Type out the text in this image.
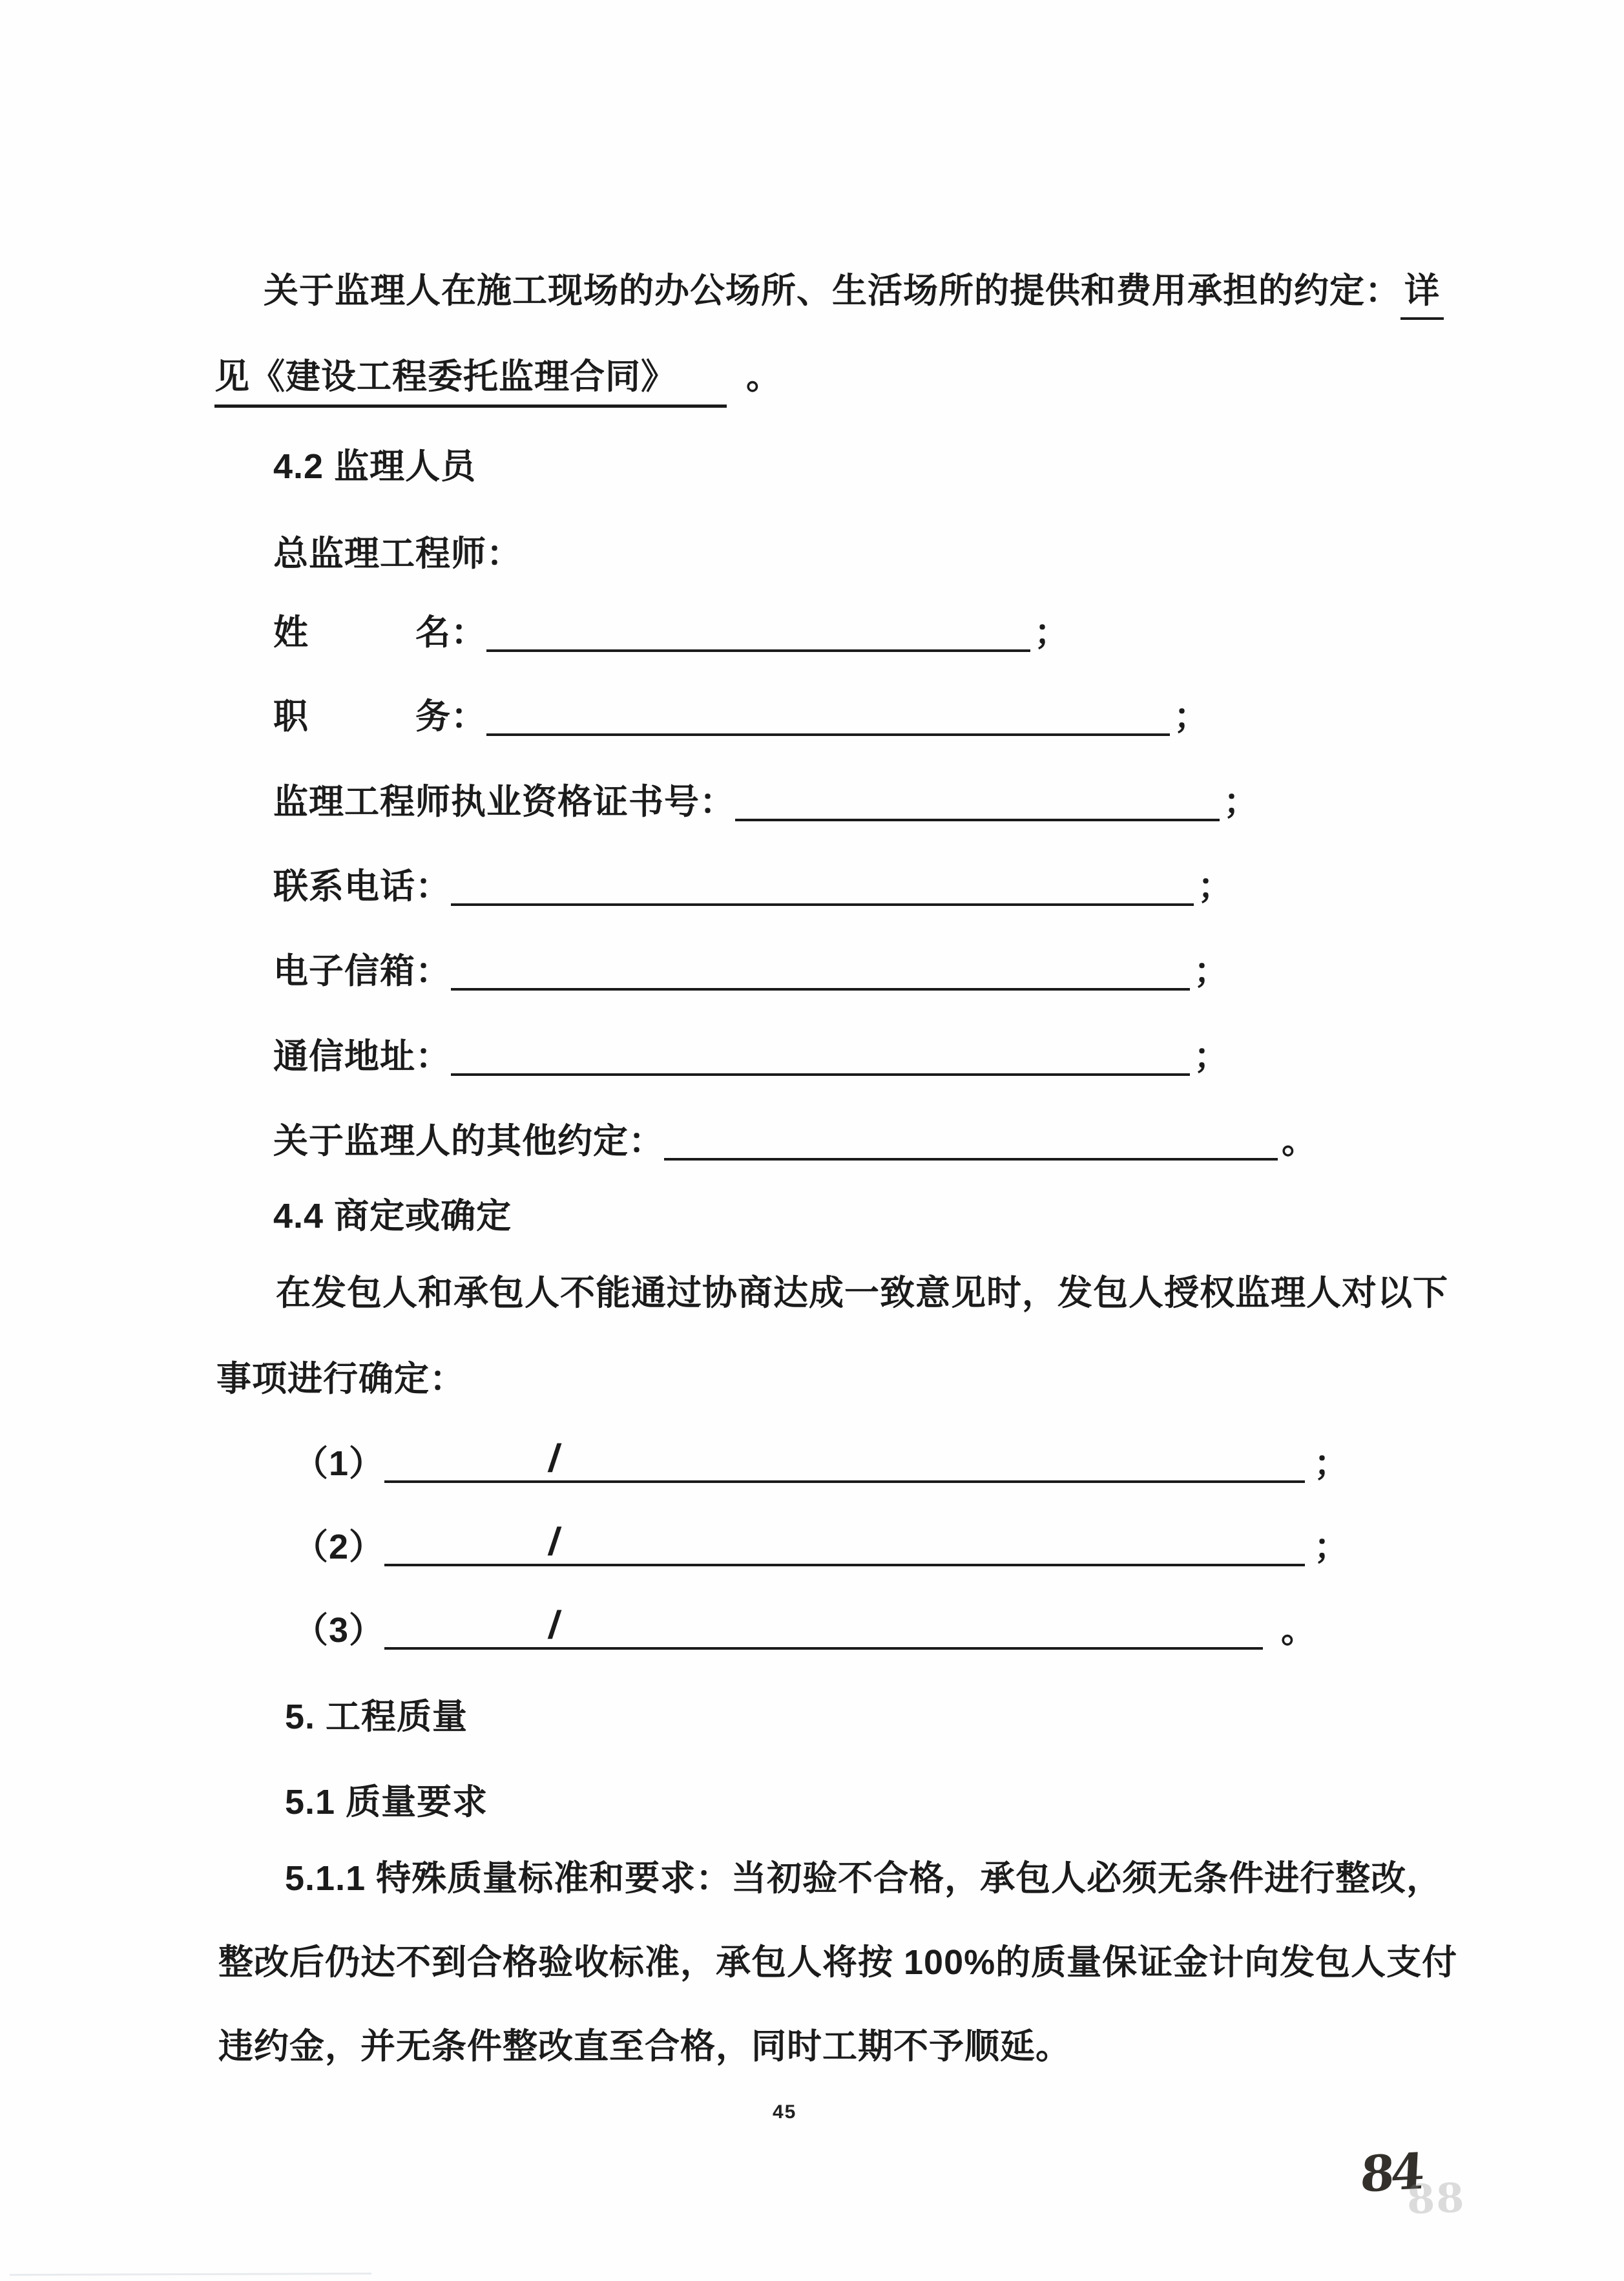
关于监理人在施工现场的办公场所、生活场所的提供和费用承担的约定： 详
见《建设工程委托监理合同》 。
4.2 监理人员
总监理工程师：
姓　　　名：	；
职　　　务：	；
监理工程师执业资格证书号：	；
联系电话：	；
电子信箱：	；
通信地址：	；
关于监理人的其他约定：	。
4.4 商定或确定
在发包人和承包人不能通过协商达成一致意见时，发包人授权监理人对以下
事项进行确定：
（1）	/	；
（2）	/	；
（3）	/	。
5. 工程质量
5.1 质量要求
5.1.1 特殊质量标准和要求：当初验不合格，承包人必须无条件进行整改，
整改后仍达不到合格验收标准，承包人将按 100%的质量保证金计向发包人支付
违约金，并无条件整改直至合格，同时工期不予顺延。
45
84
88
